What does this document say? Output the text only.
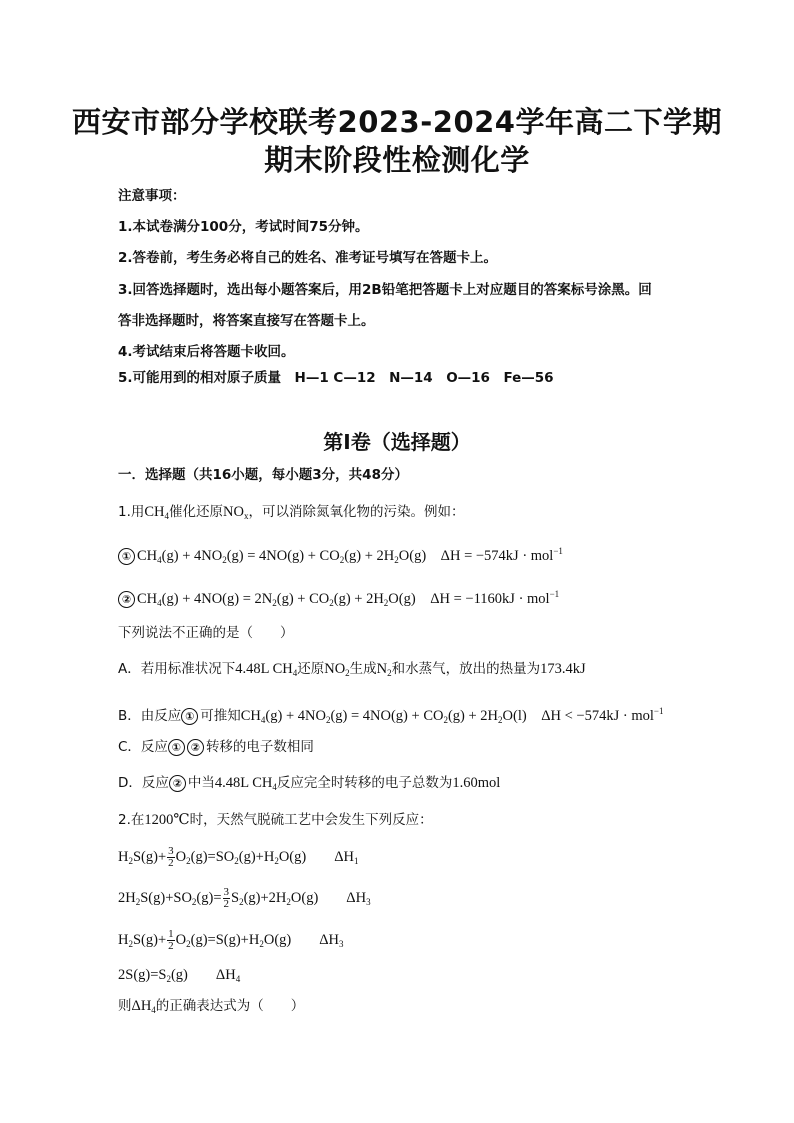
西安市部分学校联考2023-2024学年高二下学期
期末阶段性检测化学
注意事项：
1.本试卷满分100分，考试时间75分钟。
2.答卷前，考生务必将自己的姓名、准考证号填写在答题卡上。
3.回答选择题时，选出每小题答案后，用2B铅笔把答题卡上对应题目的答案标号涂黑。回
答非选择题时，将答案直接写在答题卡上。
4.考试结束后将答题卡收回。
5.可能用到的相对原子质量　H—1 C—12　N—14　O—16　Fe—56
第Ⅰ卷（选择题）
一．选择题（共16小题，每小题3分，共48分）
1.用$CH_4$催化还原$NO_x$，可以消除氮氧化物的污染。例如：
① $CH_4(g) + 4NO_2(g) = 4NO(g) + CO_2(g) + 2H_2O(g)$　ΔH = −574kJ · mol$^{-1}$
② $CH_4(g) + 4NO(g) = 2N_2(g) + CO_2(g) + 2H_2O(g)$　ΔH = −1160kJ · mol$^{-1}$
下列说法不正确的是（　　）
A．若用标准状况下4.48L $CH_4$还原$NO_2$生成$N_2$和水蒸气，放出的热量为173.4kJ
B．由反应 ① 可推知$CH_4(g) + 4NO_2(g) = 4NO(g) + CO_2(g) + 2H_2O(l)$　ΔH < −574kJ · mol$^{-1}$
C．反应 ① ② 转移的电子数相同
D．反应 ② 中当4.48L $CH_4$反应完全时转移的电子总数为1.60mol
2.在1200℃时，天然气脱硫工艺中会发生下列反应：
$H_2S(g)+ \frac{3}{2} O_2(g)=SO_2(g)+H_2O(g)$ $\Delta H_1$
$2H_2S(g)+SO_2(g)= \frac{3}{2} S_2(g)+2H_2O(g)$ $\Delta H_3$
$H_2S(g)+ \frac{1}{2} O_2(g)=S(g)+H_2O(g)$ $\Delta H_3$
$2S(g)=S_2(g)$ $\Delta H_4$
则$\Delta H_4$的正确表达式为（　　）
